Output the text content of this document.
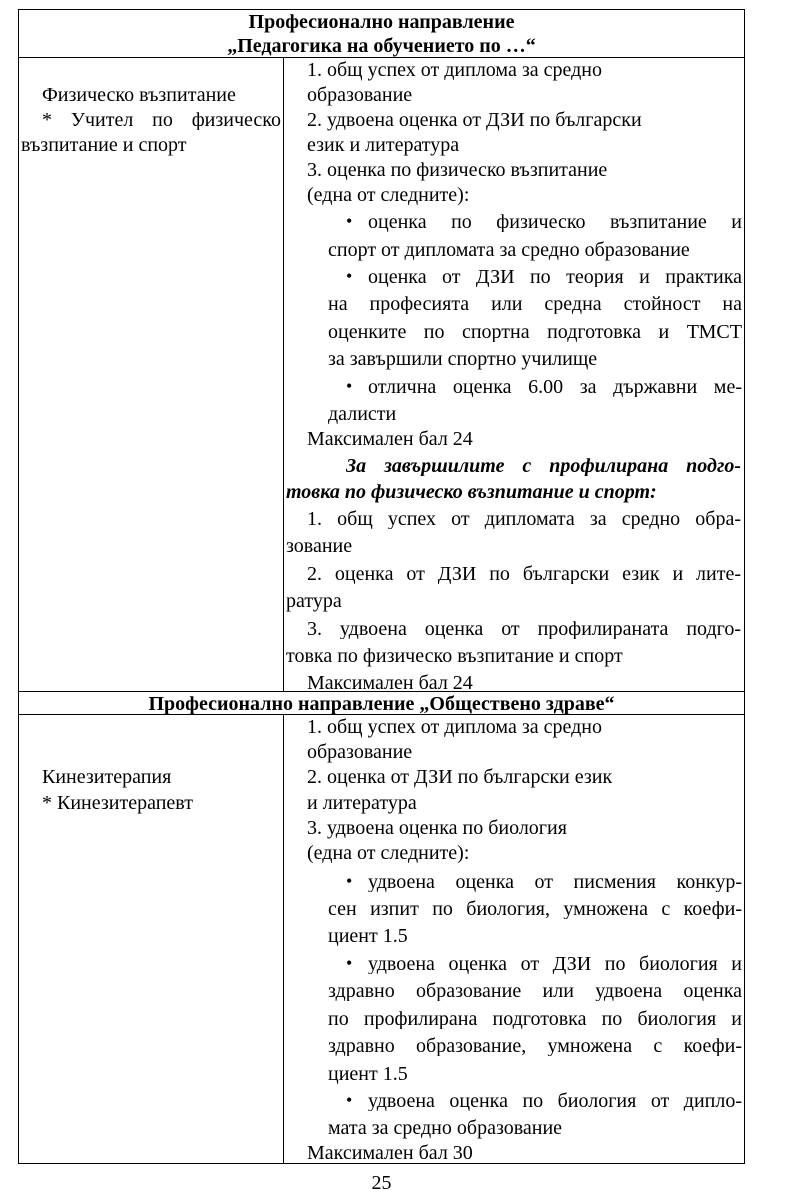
Професионално направление
„Педагогика на обучението по …“
Физическо възпитание
* Учител по физическо
възпитание и спорт
1. общ успех от диплома за средно
образование
2. удвоена оценка от ДЗИ по български
език и литература
3. оценка по физическо възпитание
(една от следните):
• оценка по физическо възпитание и
спорт от дипломата за средно образование
• оценка от ДЗИ по теория и практика
на професията или средна стойност на
оценките по спортна подготовка и ТМСТ
за завършили спортно училище
• отлична оценка 6.00 за държавни ме-
далисти
Максимален бал 24
За завършилите с профилирана подго-
товка по физическо възпитание и спорт:
1. общ успех от дипломата за средно обра-
зование
2. оценка от ДЗИ по български език и лите-
ратура
3. удвоена оценка от профилираната подго-
товка по физическо възпитание и спорт
Максимален бал 24
Професионално направление „Обществено здраве“
Кинезитерапия
* Кинезитерапевт
1. общ успех от диплома за средно
образование
2. оценка от ДЗИ по български език
и литература
3. удвоена оценка по биология
(една от следните):
• удвоена оценка от писмения конкур-
сен изпит по биология, умножена с коефи-
циент 1.5
• удвоена оценка от ДЗИ по биология и
здравно образование или удвоена оценка
по профилирана подготовка по биология и
здравно образование, умножена с коефи-
циент 1.5
• удвоена оценка по биология от дипло-
мата за средно образование
Максимален бал 30
25
